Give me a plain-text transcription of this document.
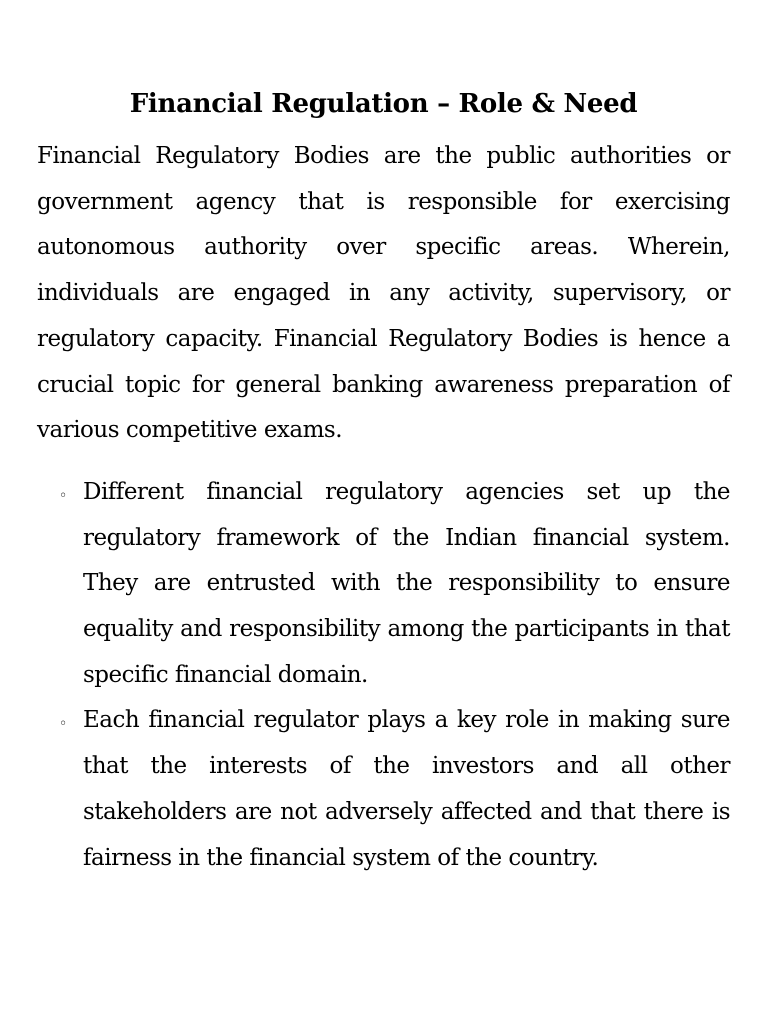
Financial Regulation – Role & Need

Financial Regulatory Bodies are the public authorities or government agency that is responsible for exercising autonomous authority over specific areas. Wherein, individuals are engaged in any activity, supervisory, or regulatory capacity. Financial Regulatory Bodies is hence a crucial topic for general banking awareness preparation of various competitive exams.

◦ Different financial regulatory agencies set up the regulatory framework of the Indian financial system. They are entrusted with the responsibility to ensure equality and responsibility among the participants in that specific financial domain.
◦ Each financial regulator plays a key role in making sure that the interests of the investors and all other stakeholders are not adversely affected and that there is fairness in the financial system of the country.
